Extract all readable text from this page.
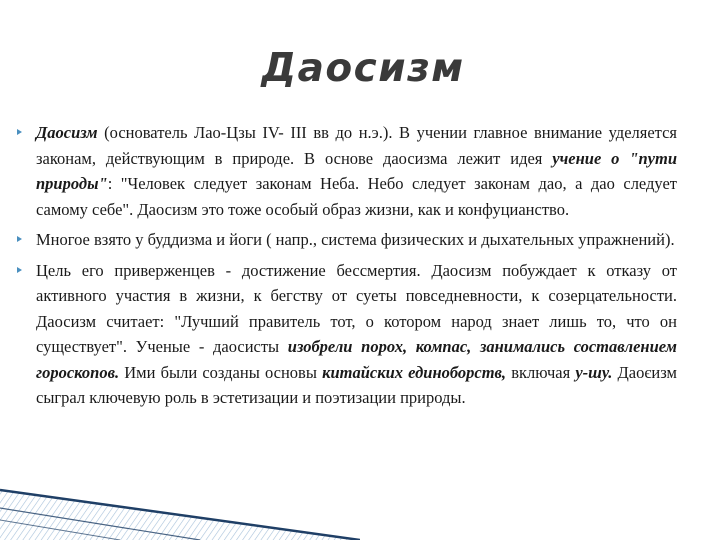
Даосизм
Даосизм (основатель Лао-Цзы IV- III вв до н.э.). В учении главное внимание уделяется законам, действующим в природе. В основе даосизма лежит идея учение о "пути природы": "Человек следует законам Неба. Небо следует законам дао, а дао следует самому себе". Даосизм это тоже особый образ жизни, как и конфуцианство.
Многое взято у буддизма и йоги ( напр., система физических и дыхательных упражнений).
Цель его приверженцев - достижение бессмертия. Даосизм побуждает к отказу от активного участия в жизни, к бегству от суеты повседневности, к созерцательности. Даосизм считает: "Лучший правитель тот, о котором народ знает лишь то, что он существует". Ученые - даосисты изобрели порох, компас, занимались составлением гороскопов. Ими были созданы основы китайских единоборств, включая у-шу. Даоєизм сыграл ключевую роль в эстетизации и поэтизации природы.
